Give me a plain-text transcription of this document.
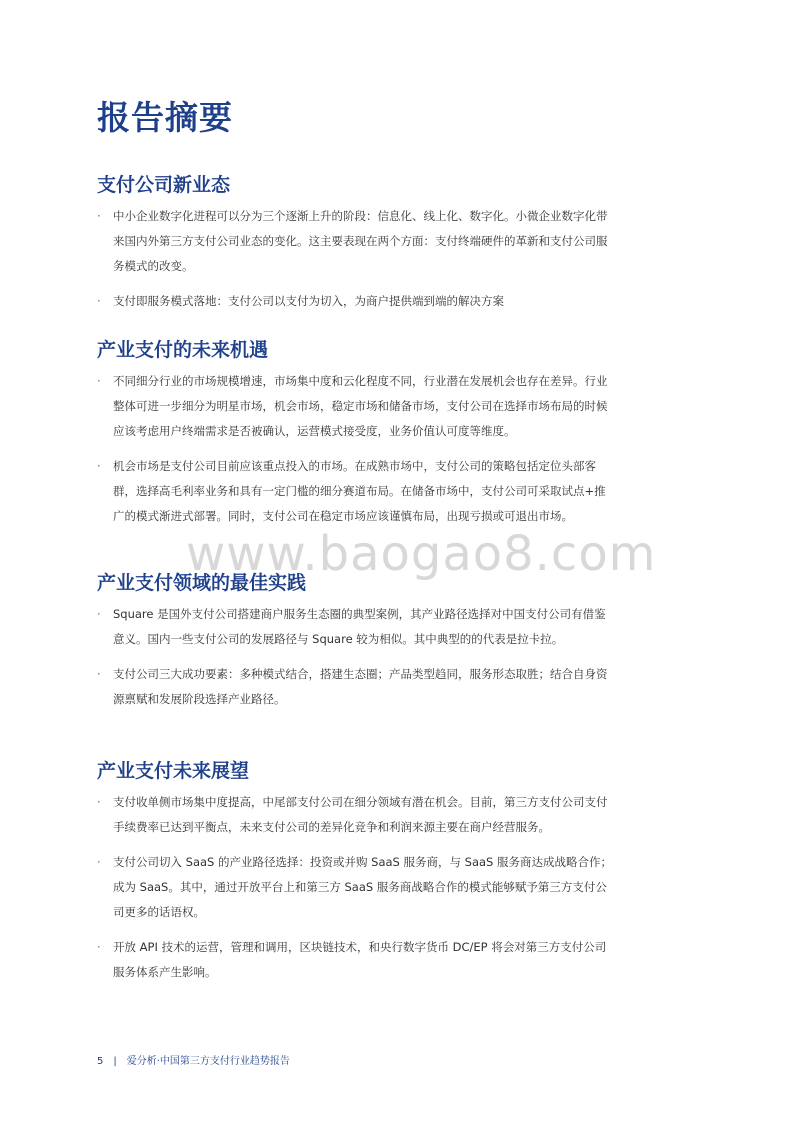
报告摘要
支付公司新业态
· 中小企业数字化进程可以分为三个逐渐上升的阶段：信息化、线上化、数字化。小微企业数字化带来国内外第三方支付公司业态的变化。这主要表现在两个方面：支付终端硬件的革新和支付公司服务模式的改变。
· 支付即服务模式落地：支付公司以支付为切入，为商户提供端到端的解决方案
产业支付的未来机遇
· 不同细分行业的市场规模增速，市场集中度和云化程度不同，行业潜在发展机会也存在差异。行业整体可进一步细分为明星市场，机会市场，稳定市场和储备市场，支付公司在选择市场布局的时候应该考虑用户终端需求是否被确认，运营模式接受度，业务价值认可度等维度。
· 机会市场是支付公司目前应该重点投入的市场。在成熟市场中，支付公司的策略包括定位头部客群，选择高毛利率业务和具有一定门槛的细分赛道布局。在储备市场中，支付公司可采取试点+推广的模式渐进式部署。同时，支付公司在稳定市场应该谨慎布局，出现亏损或可退出市场。
www.baogao8.com
产业支付领域的最佳实践
· Square 是国外支付公司搭建商户服务生态圈的典型案例，其产业路径选择对中国支付公司有借鉴意义。国内一些支付公司的发展路径与 Square 较为相似。其中典型的的代表是拉卡拉。
· 支付公司三大成功要素：多种模式结合，搭建生态圈；产品类型趋同，服务形态取胜；结合自身资源禀赋和发展阶段选择产业路径。
产业支付未来展望
· 支付收单侧市场集中度提高，中尾部支付公司在细分领域有潜在机会。目前，第三方支付公司支付手续费率已达到平衡点，未来支付公司的差异化竞争和利润来源主要在商户经营服务。
· 支付公司切入 SaaS 的产业路径选择：投资或并购 SaaS 服务商，与 SaaS 服务商达成战略合作；成为 SaaS。其中，通过开放平台上和第三方 SaaS 服务商战略合作的模式能够赋予第三方支付公司更多的话语权。
· 开放 API 技术的运营，管理和调用，区块链技术，和央行数字货币 DC/EP 将会对第三方支付公司服务体系产生影响。
5 | 爱分析·中国第三方支付行业趋势报告
